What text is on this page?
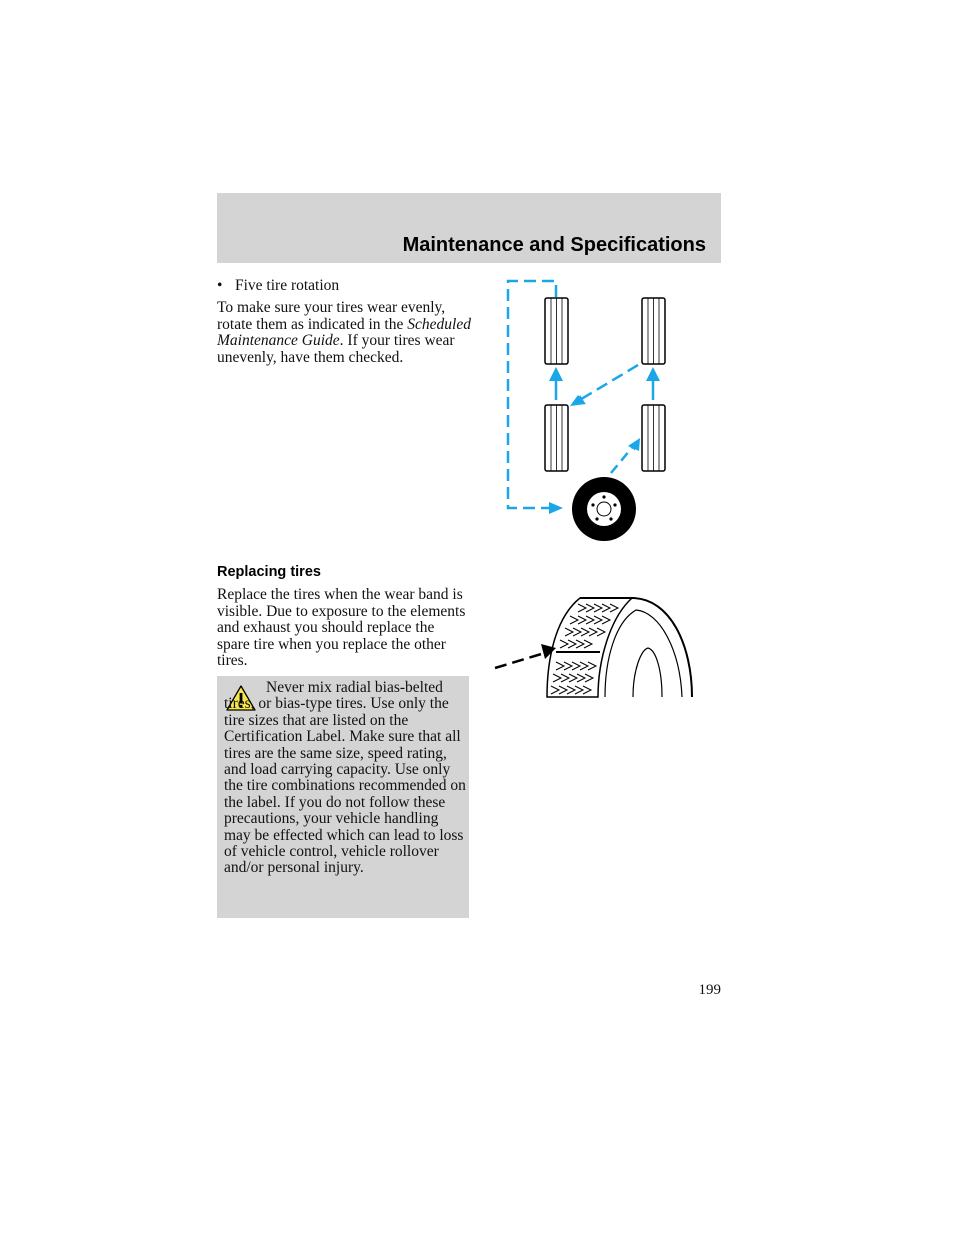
Maintenance and Specifications
• Five tire rotation
To make sure your tires wear evenly, rotate them as indicated in the Scheduled Maintenance Guide. If your tires wear unevenly, have them checked.
Replacing tires
Replace the tires when the wear band is visible. Due to exposure to the elements and exhaust you should replace the spare tire when you replace the other tires.
Never mix radial bias-belted tires, or bias-type tires. Use only the tire sizes that are listed on the Certification Label. Make sure that all tires are the same size, speed rating, and load carrying capacity. Use only the tire combinations recommended on the label. If you do not follow these precautions, your vehicle handling may be effected which can lead to loss of vehicle control, vehicle rollover and/or personal injury.
199
